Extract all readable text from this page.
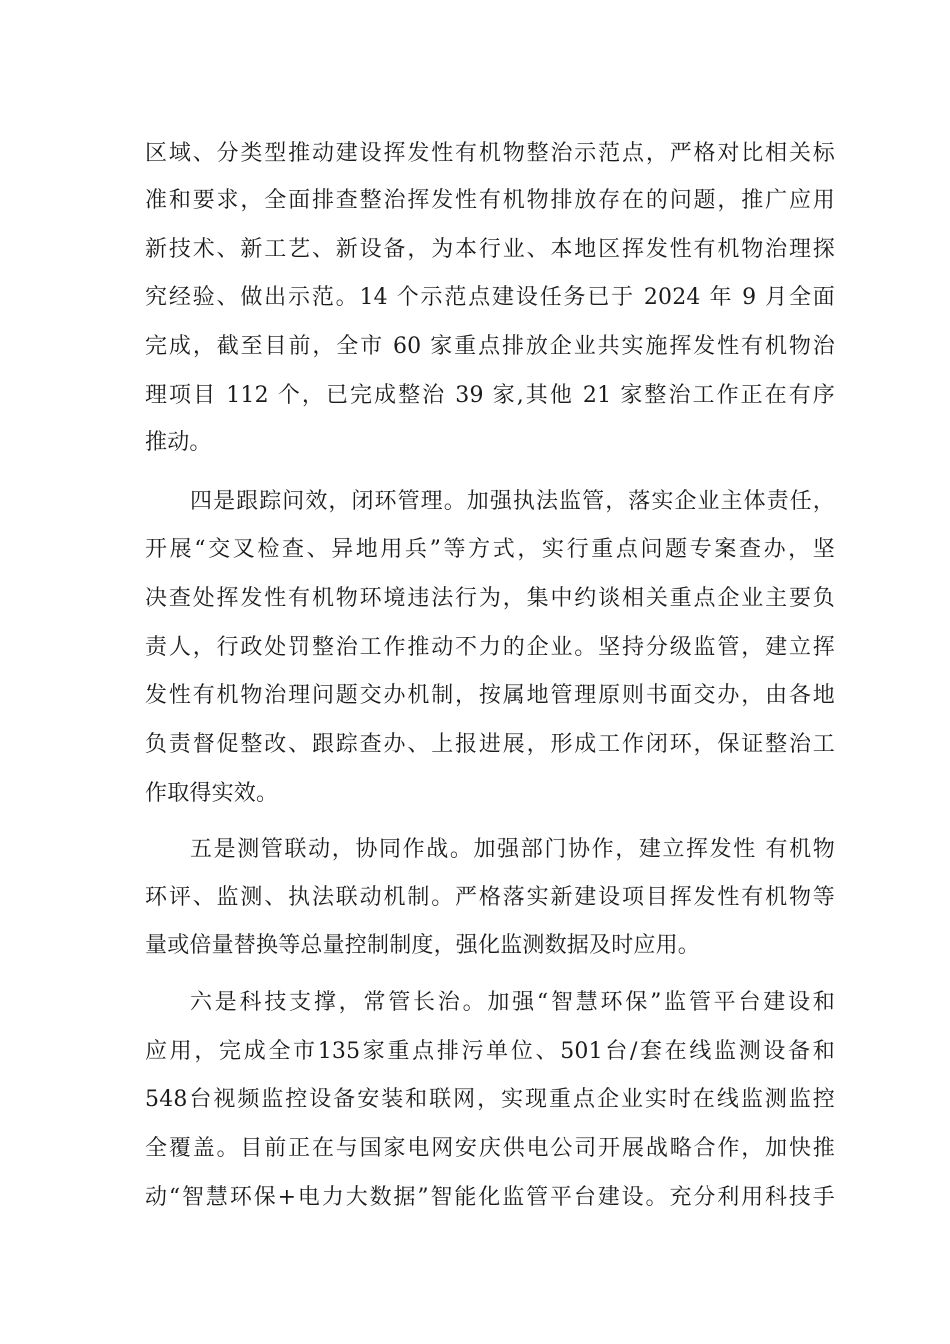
区域、分类型推动建设挥发性有机物整治示范点，严格对比相关标
准和要求，全面排查整治挥发性有机物排放存在的问题，推广应用
新技术、新工艺、新设备，为本行业、本地区挥发性有机物治理探
究经验、做出示范。14 个示范点建设任务已于 2024 年 9 月全面
完成，截至目前，全市 60 家重点排放企业共实施挥发性有机物治
理项目 112 个，已完成整治 39 家,其他 21 家整治工作正在有序
推动。
四是跟踪问效，闭环管理。加强执法监管，落实企业主体责任，
开展“交叉检查、异地用兵”等方式，实行重点问题专案查办，坚
决查处挥发性有机物环境违法行为，集中约谈相关重点企业主要负
责人，行政处罚整治工作推动不力的企业。坚持分级监管，建立挥
发性有机物治理问题交办机制，按属地管理原则书面交办，由各地
负责督促整改、跟踪查办、上报进展，形成工作闭环，保证整治工
作取得实效。
五是测管联动，协同作战。加强部门协作，建立挥发性 有机物
环评、监测、执法联动机制。严格落实新建设项目挥发性有机物等
量或倍量替换等总量控制制度，强化监测数据及时应用。
六是科技支撑，常管长治。加强“智慧环保”监管平台建设和
应用，完成全市135家重点排污单位、501台/套在线监测设备和
548台视频监控设备安装和联网，实现重点企业实时在线监测监控
全覆盖。目前正在与国家电网安庆供电公司开展战略合作，加快推
动“智慧环保+电力大数据”智能化监管平台建设。充分利用科技手
